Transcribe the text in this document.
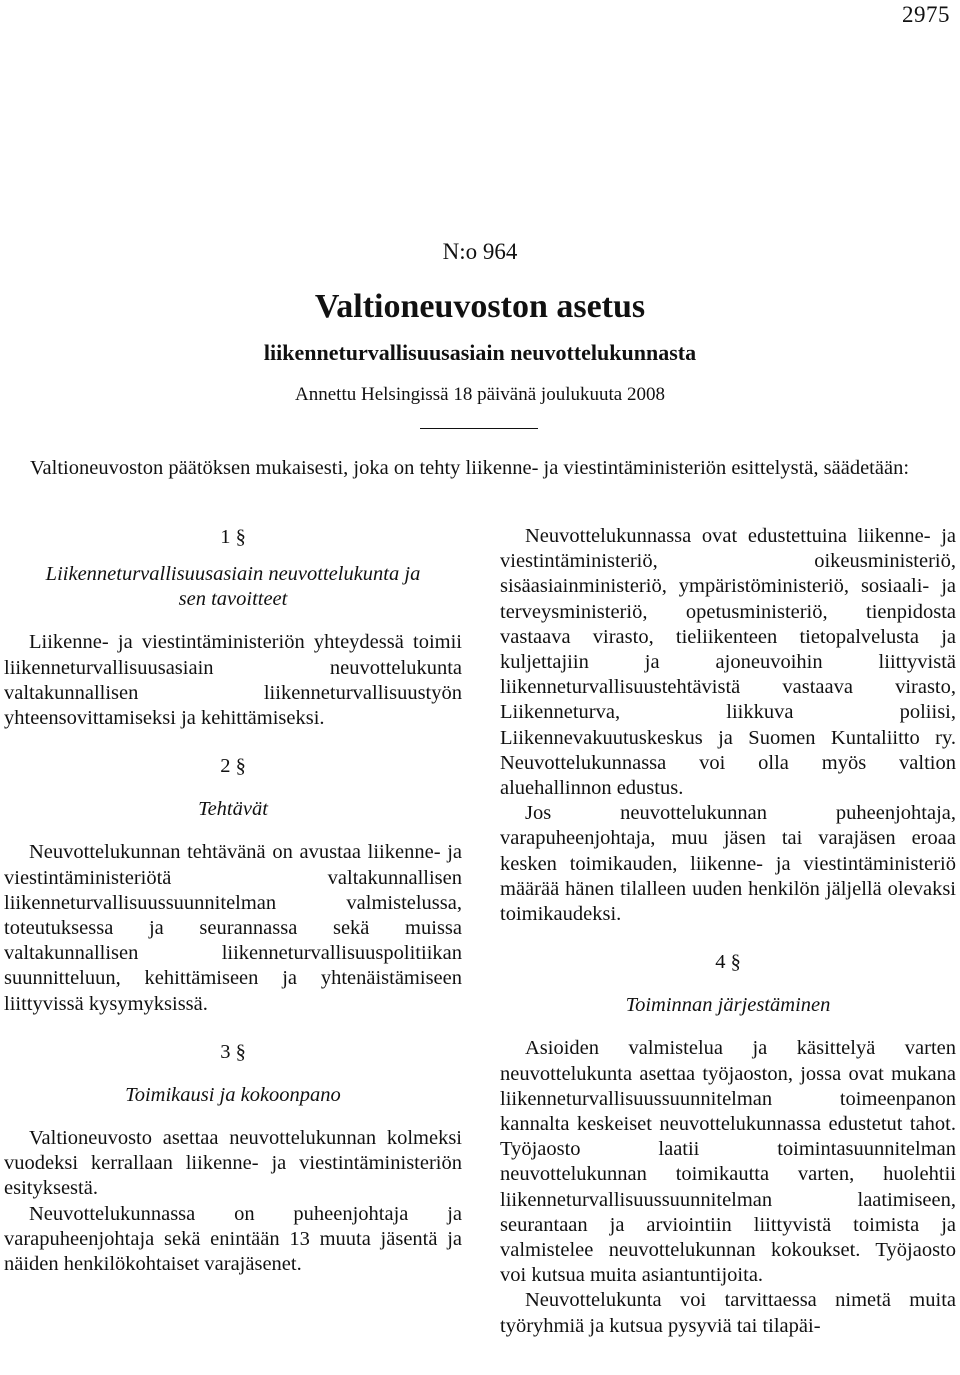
2975
N:o 964
Valtioneuvoston asetus
liikenneturvallisuusasiain neuvottelukunnasta
Annettu Helsingissä 18 päivänä joulukuuta 2008
Valtioneuvoston päätöksen mukaisesti, joka on tehty liikenne- ja viestintäministeriön esittelystä, säädetään:
1 §
Liikenneturvallisuusasiain neuvottelukunta ja
sen tavoitteet

Liikenne- ja viestintäministeriön yhteydessä toimii liikenneturvallisuusasiain neuvottelukunta valtakunnallisen liikenneturvallisuustyön yhteensovittamiseksi ja kehittämiseksi.

2 §
Tehtävät

Neuvottelukunnan tehtävänä on avustaa liikenne- ja viestintäministeriötä valtakunnallisen liikenneturvallisuussuunnitelman valmistelussa, toteutuksessa ja seurannassa sekä muissa valtakunnallisen liikenneturvallisuuspolitiikan suunnitteluun, kehittämiseen ja yhtenäistämiseen liittyvissä kysymyksissä.

3 §
Toimikausi ja kokoonpano

Valtioneuvosto asettaa neuvottelukunnan kolmeksi vuodeksi kerrallaan liikenne- ja viestintäministeriön esityksestä.

Neuvottelukunnassa on puheenjohtaja ja varapuheenjohtaja sekä enintään 13 muuta jäsentä ja näiden henkilökohtaiset varajäsenet.

Neuvottelukunnassa ovat edustettuina liikenne- ja viestintäministeriö, oikeusministeriö, sisäasiainministeriö, ympäristöministeriö, sosiaali- ja terveysministeriö, opetusministeriö, tienpidosta vastaava virasto, tieliikenteen tietopalvelusta ja kuljettajiin ja ajoneuvoihin liittyvistä liikenneturvallisuustehtävistä vastaava virasto, Liikenneturva, liikkuva poliisi, Liikennevakuutuskeskus ja Suomen Kuntaliitto ry. Neuvottelukunnassa voi olla myös valtion aluehallinnon edustus.

Jos neuvottelukunnan puheenjohtaja, varapuheenjohtaja, muu jäsen tai varajäsen eroaa kesken toimikauden, liikenne- ja viestintäministeriö määrää hänen tilalleen uuden henkilön jäljellä olevaksi toimikaudeksi.

4 §
Toiminnan järjestäminen

Asioiden valmistelua ja käsittelyä varten neuvottelukunta asettaa työjaoston, jossa ovat mukana liikenneturvallisuussuunnitelman toimeenpanon kannalta keskeiset neuvottelukunnassa edustetut tahot. Työjaosto laatii toimintasuunnitelman neuvottelukunnan toimikautta varten, huolehtii liikenneturvallisuussuunnitelman laatimiseen, seurantaan ja arviointiin liittyvistä toimista ja valmistelee neuvottelukunnan kokoukset. Työjaosto voi kutsua muita asiantuntijoita.

Neuvottelukunta voi tarvittaessa nimetä muita työryhmiä ja kutsua pysyviä tai tilapäi-
